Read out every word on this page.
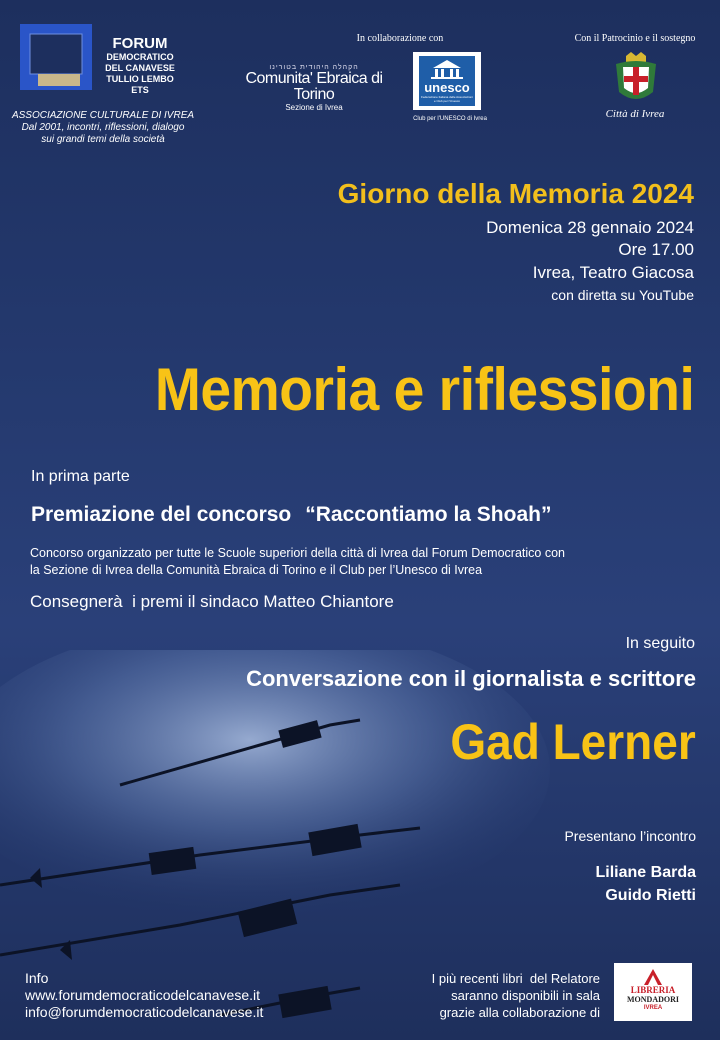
FORUM
DEMOCRATICO
DEL CANAVESE
TULLIO LEMBO ETS
ASSOCIAZIONE CULTURALE DI IVREA
Dal 2001, incontri, riflessioni, dialogo
sui grandi temi della società
In collaborazione con
הקהלה היהודית בטורינו
Comunita' Ebraica di Torino
Sezione di Ivrea
unesco
Federazione Italiana delle Associazioni e Club per l'Unesco
Club per l'UNESCO di Ivrea
Con il Patrocinio e il sostegno
Città di Ivrea
Giorno della Memoria 2024
Domenica 28 gennaio 2024
Ore 17.00
Ivrea, Teatro Giacosa
con diretta su YouTube
Memoria e riflessioni
In prima parte
Premiazione del concorso “Raccontiamo la Shoah”
Concorso organizzato per tutte le Scuole superiori della città di Ivrea dal Forum Democratico con
la Sezione di Ivrea della Comunità Ebraica di Torino e il Club per l’Unesco di Ivrea
Consegnerà  i premi il sindaco Matteo Chiantore
In seguito
Conversazione con il giornalista e scrittore
Gad Lerner
Presentano l’incontro
Liliane Barda
Guido Rietti
Info
www.forumdemocraticodelcanavese.it
info@forumdemocraticodelcanavese.it
I più recenti libri  del Relatore
saranno disponibili in sala
grazie alla collaborazione di
LIBRERIA
MONDADORI
IVREA
